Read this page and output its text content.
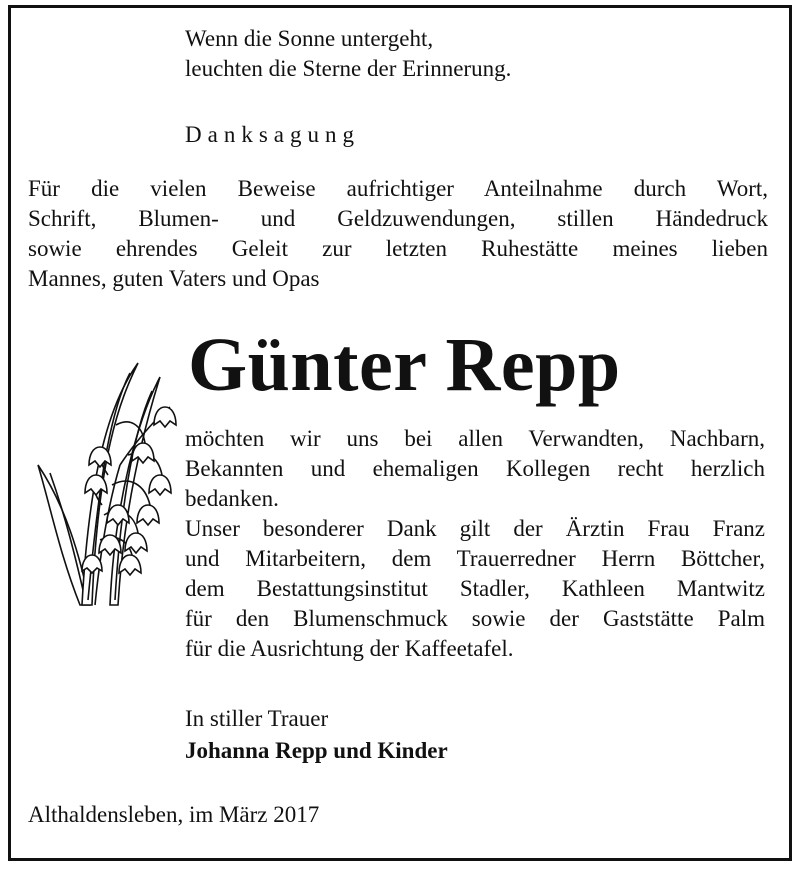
Wenn die Sonne untergeht,
leuchten die Sterne der Erinnerung.
Danksagung
Für die vielen Beweise aufrichtiger Anteilnahme durch Wort,
Schrift, Blumen- und Geldzuwendungen, stillen Händedruck
sowie ehrendes Geleit zur letzten Ruhestätte meines lieben
Mannes, guten Vaters und Opas
Günter Repp
möchten wir uns bei allen Verwandten, Nachbarn,
Bekannten und ehemaligen Kollegen recht herzlich
bedanken.
Unser besonderer Dank gilt der Ärztin Frau Franz
und Mitarbeitern, dem Trauerredner Herrn Böttcher,
dem Bestattungsinstitut Stadler, Kathleen Mantwitz
für den Blumenschmuck sowie der Gaststätte Palm
für die Ausrichtung der Kaffeetafel.
In stiller Trauer
Johanna Repp und Kinder
Althaldensleben, im März 2017
